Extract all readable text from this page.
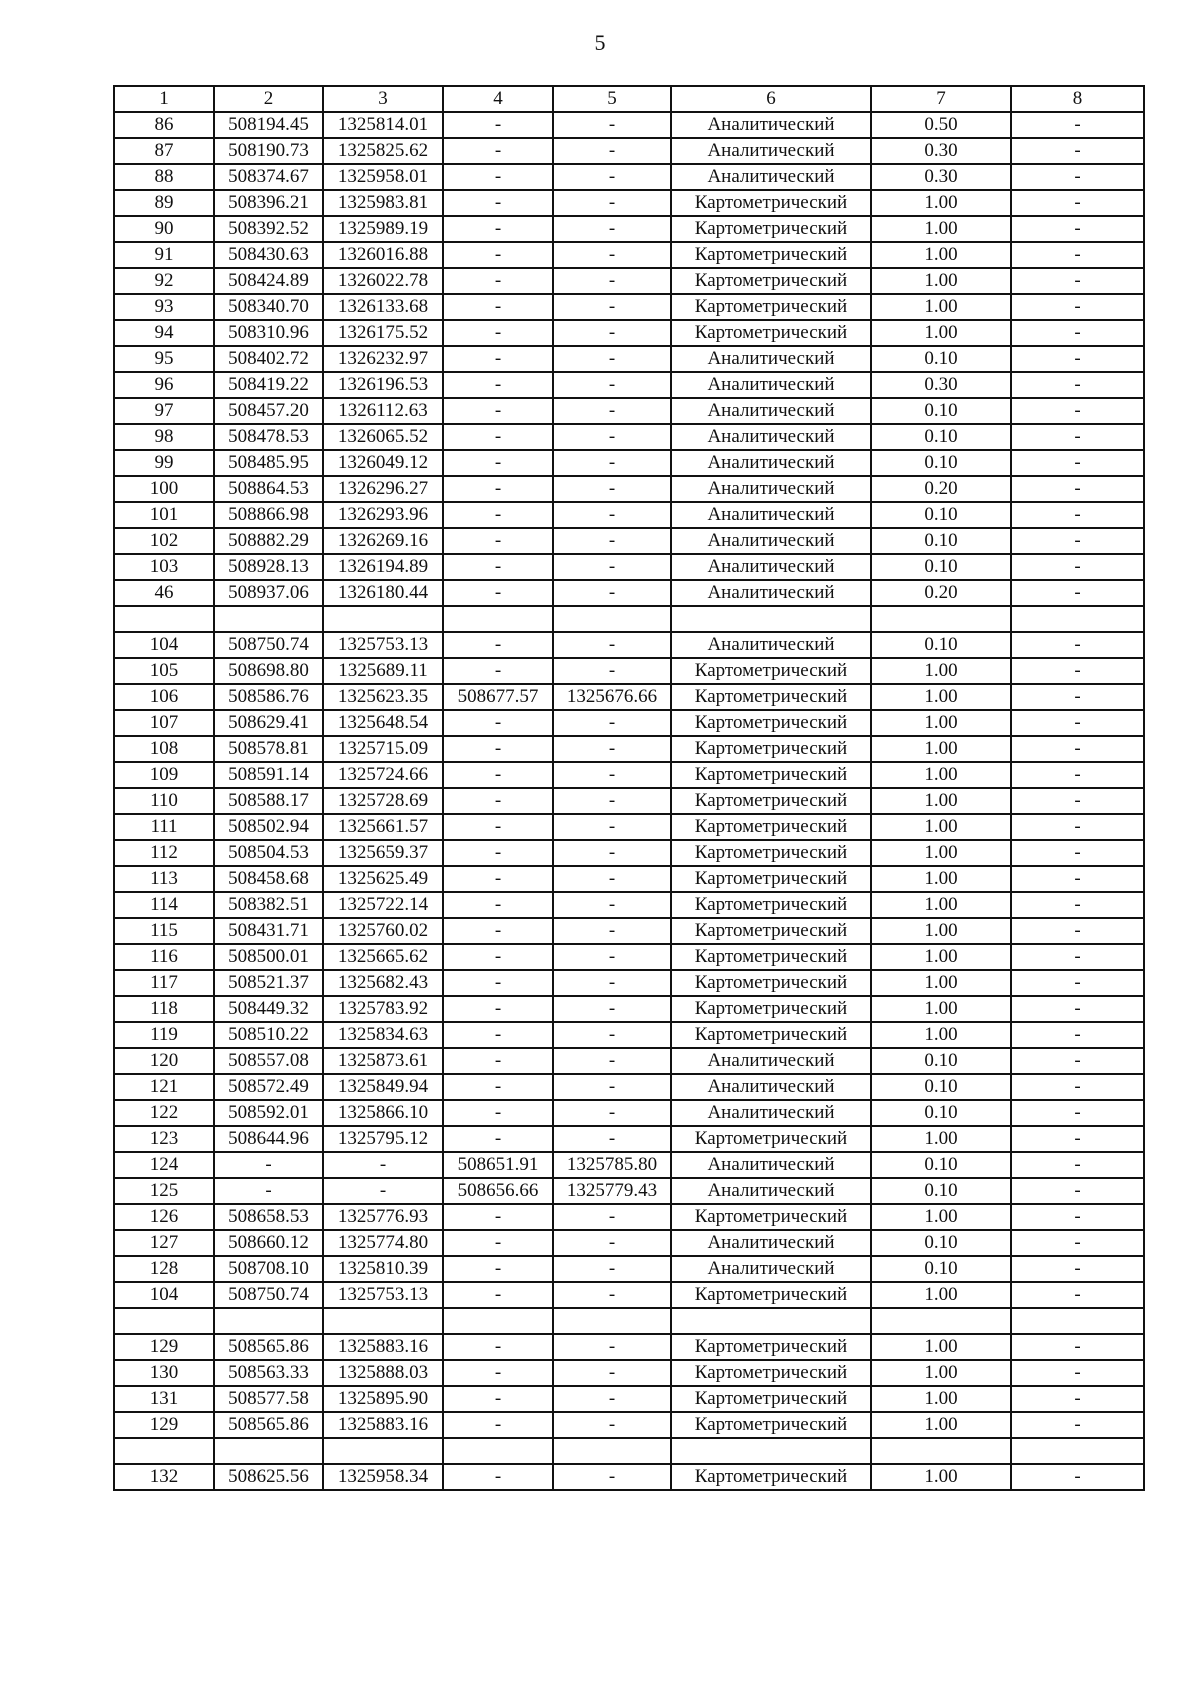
5
1	2	3	4	5	6	7	8
86	508194.45	1325814.01	-	-	Аналитический	0.50	-
87	508190.73	1325825.62	-	-	Аналитический	0.30	-
88	508374.67	1325958.01	-	-	Аналитический	0.30	-
89	508396.21	1325983.81	-	-	Картометрический	1.00	-
90	508392.52	1325989.19	-	-	Картометрический	1.00	-
91	508430.63	1326016.88	-	-	Картометрический	1.00	-
92	508424.89	1326022.78	-	-	Картометрический	1.00	-
93	508340.70	1326133.68	-	-	Картометрический	1.00	-
94	508310.96	1326175.52	-	-	Картометрический	1.00	-
95	508402.72	1326232.97	-	-	Аналитический	0.10	-
96	508419.22	1326196.53	-	-	Аналитический	0.30	-
97	508457.20	1326112.63	-	-	Аналитический	0.10	-
98	508478.53	1326065.52	-	-	Аналитический	0.10	-
99	508485.95	1326049.12	-	-	Аналитический	0.10	-
100	508864.53	1326296.27	-	-	Аналитический	0.20	-
101	508866.98	1326293.96	-	-	Аналитический	0.10	-
102	508882.29	1326269.16	-	-	Аналитический	0.10	-
103	508928.13	1326194.89	-	-	Аналитический	0.10	-
46	508937.06	1326180.44	-	-	Аналитический	0.20	-

104	508750.74	1325753.13	-	-	Аналитический	0.10	-
105	508698.80	1325689.11	-	-	Картометрический	1.00	-
106	508586.76	1325623.35	508677.57	1325676.66	Картометрический	1.00	-
107	508629.41	1325648.54	-	-	Картометрический	1.00	-
108	508578.81	1325715.09	-	-	Картометрический	1.00	-
109	508591.14	1325724.66	-	-	Картометрический	1.00	-
110	508588.17	1325728.69	-	-	Картометрический	1.00	-
111	508502.94	1325661.57	-	-	Картометрический	1.00	-
112	508504.53	1325659.37	-	-	Картометрический	1.00	-
113	508458.68	1325625.49	-	-	Картометрический	1.00	-
114	508382.51	1325722.14	-	-	Картометрический	1.00	-
115	508431.71	1325760.02	-	-	Картометрический	1.00	-
116	508500.01	1325665.62	-	-	Картометрический	1.00	-
117	508521.37	1325682.43	-	-	Картометрический	1.00	-
118	508449.32	1325783.92	-	-	Картометрический	1.00	-
119	508510.22	1325834.63	-	-	Картометрический	1.00	-
120	508557.08	1325873.61	-	-	Аналитический	0.10	-
121	508572.49	1325849.94	-	-	Аналитический	0.10	-
122	508592.01	1325866.10	-	-	Аналитический	0.10	-
123	508644.96	1325795.12	-	-	Картометрический	1.00	-
124	-	-	508651.91	1325785.80	Аналитический	0.10	-
125	-	-	508656.66	1325779.43	Аналитический	0.10	-
126	508658.53	1325776.93	-	-	Картометрический	1.00	-
127	508660.12	1325774.80	-	-	Аналитический	0.10	-
128	508708.10	1325810.39	-	-	Аналитический	0.10	-
104	508750.74	1325753.13	-	-	Картометрический	1.00	-

129	508565.86	1325883.16	-	-	Картометрический	1.00	-
130	508563.33	1325888.03	-	-	Картометрический	1.00	-
131	508577.58	1325895.90	-	-	Картометрический	1.00	-
129	508565.86	1325883.16	-	-	Картометрический	1.00	-

132	508625.56	1325958.34	-	-	Картометрический	1.00	-
